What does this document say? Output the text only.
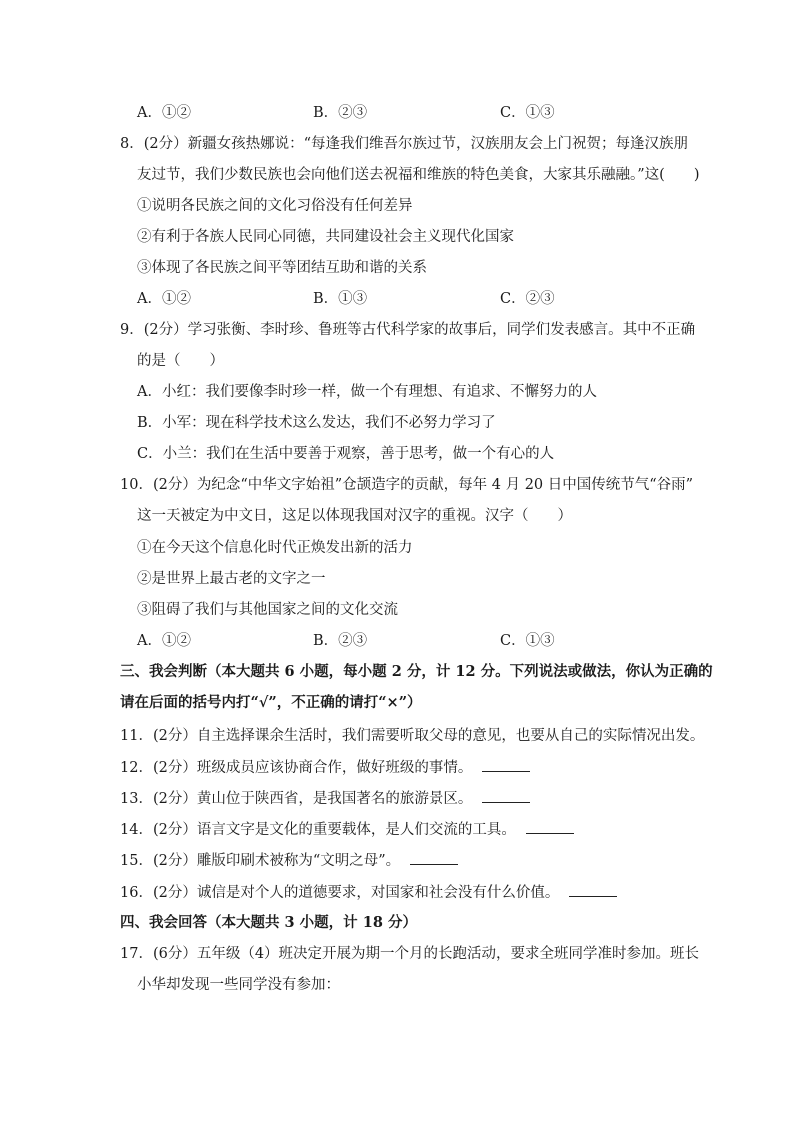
A．①②	B．②③	C．①③
8．(2分）新疆女孩热娜说：“每逢我们维吾尔族过节，汉族朋友会上门祝贺；每逢汉族朋
友过节，我们少数民族也会向他们送去祝福和维族的特色美食，大家其乐融融。”这(　　)
①说明各民族之间的文化习俗没有任何差异
②有利于各族人民同心同德，共同建设社会主义现代化国家
③体现了各民族之间平等团结互助和谐的关系
A．①②	B．①③	C．②③
9．(2分）学习张衡、李时珍、鲁班等古代科学家的故事后，同学们发表感言。其中不正确
的是（　　）
A．小红：我们要像李时珍一样，做一个有理想、有追求、不懈努力的人
B．小军：现在科学技术这么发达，我们不必努力学习了
C．小兰：我们在生活中要善于观察，善于思考，做一个有心的人
10．(2分）为纪念“中华文字始祖”仓颉造字的贡献，每年 4 月 20 日中国传统节气“谷雨”
这一天被定为中文日，这足以体现我国对汉字的重视。汉字（　　）
①在今天这个信息化时代正焕发出新的活力
②是世界上最古老的文字之一
③阻碍了我们与其他国家之间的文化交流
A．①②	B．②③	C．①③
三、我会判断（本大题共 6 小题，每小题 2 分，计 12 分。下列说法或做法，你认为正确的
请在后面的括号内打“√”，不正确的请打“×”）
11．(2分）自主选择课余生活时，我们需要听取父母的意见，也要从自己的实际情况出发。
12．(2分）班级成员应该协商合作，做好班级的事情。
13．(2分）黄山位于陕西省，是我国著名的旅游景区。
14．(2分）语言文字是文化的重要载体，是人们交流的工具。
15．(2分）雕版印刷术被称为“文明之母”。
16．(2分）诚信是对个人的道德要求，对国家和社会没有什么价值。
四、我会回答（本大题共 3 小题，计 18 分）
17．(6分）五年级（4）班决定开展为期一个月的长跑活动，要求全班同学准时参加。班长
小华却发现一些同学没有参加：
